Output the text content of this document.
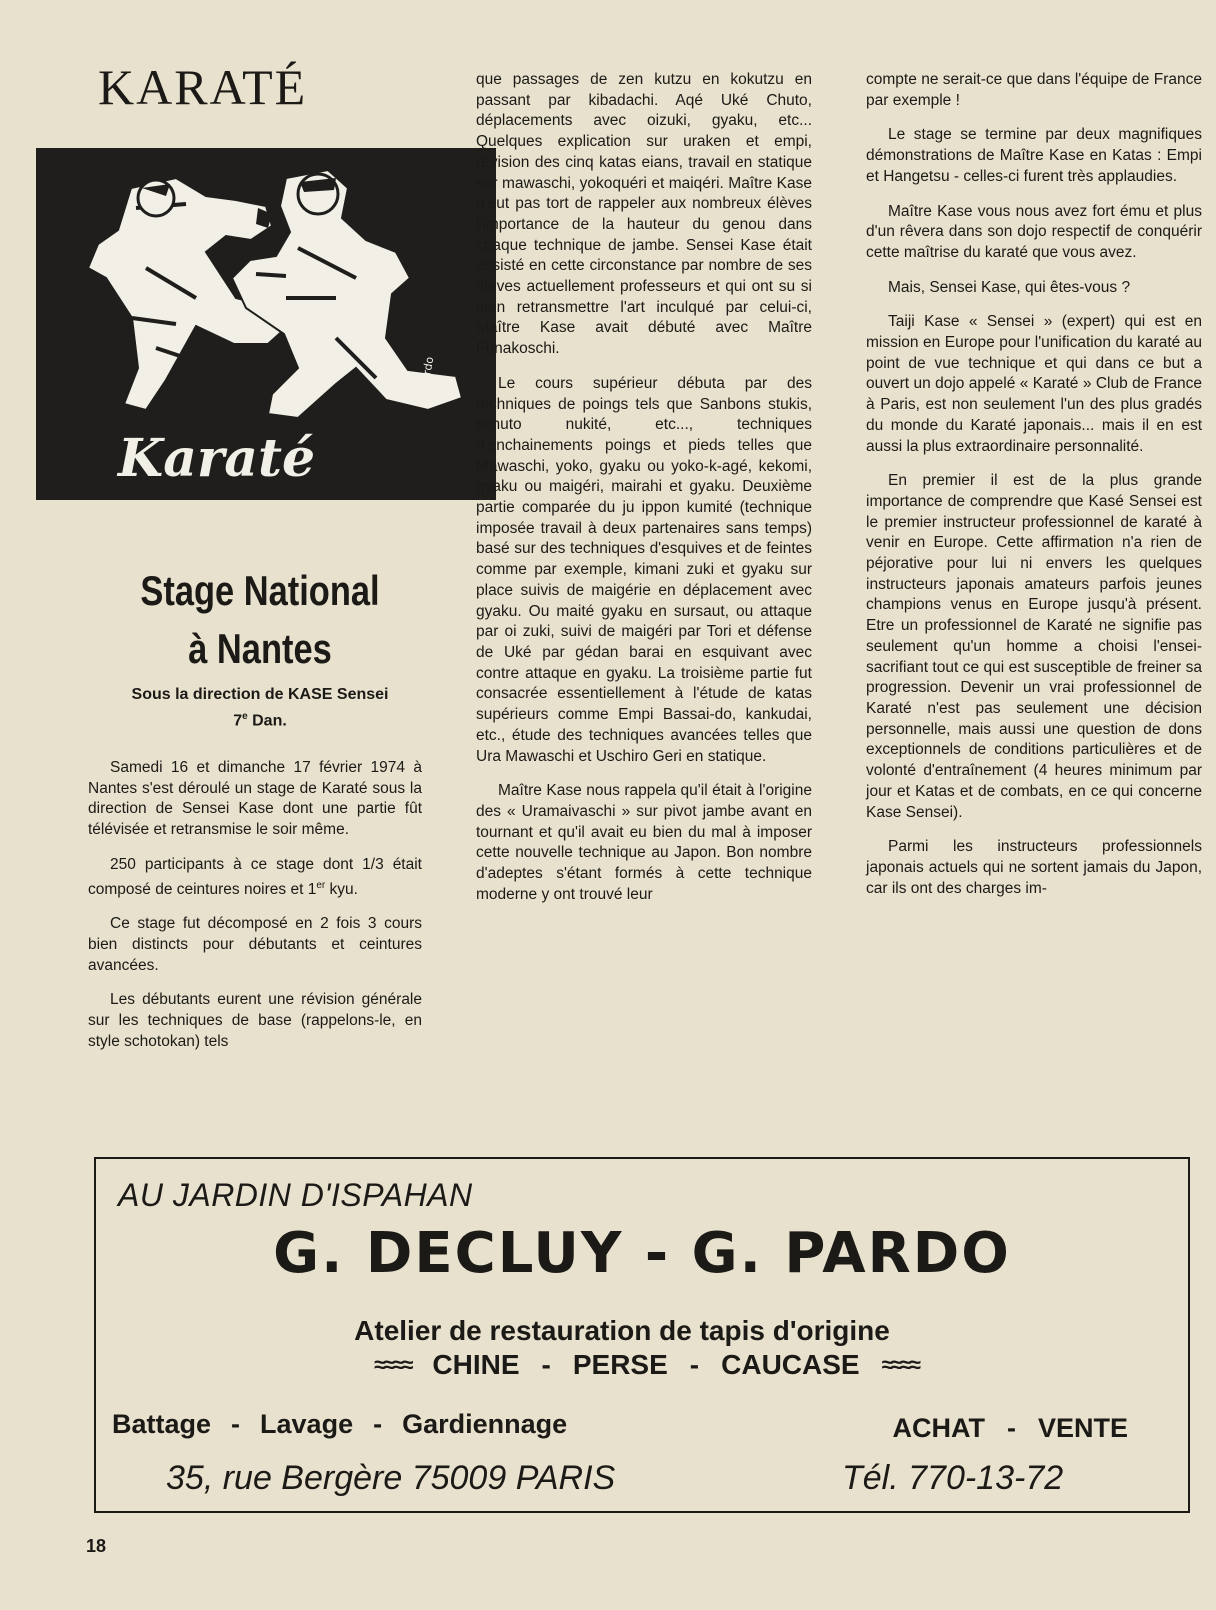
KARATÉ
Karaté
Pardo
Stage National
à Nantes
Sous la direction de KASE Sensei
7e Dan.

Samedi 16 et dimanche 17 février 1974 à Nantes s'est déroulé un stage de Karaté sous la direction de Sensei Kase dont une partie fût télévisée et retransmise le soir même.

250 participants à ce stage dont 1/3 était composé de ceintures noires et 1er kyu.

Ce stage fut décomposé en 2 fois 3 cours bien distincts pour débutants et ceintures avancées.

Les débutants eurent une révision générale sur les techniques de base (rappelons-le, en style schotokan) tels

que passages de zen kutzu en kokutzu en passant par kibadachi. Aqé Uké Chuto, déplacements avec oizuki, gyaku, etc... Quelques explication sur uraken et empi, révision des cinq katas eians, travail en statique sur mawaschi, yokoquéri et maiqéri. Maître Kase n'eut pas tort de rappeler aux nombreux élèves l'importance de la hauteur du genou dans chaque technique de jambe. Sensei Kase était assisté en cette circonstance par nombre de ses élèves actuellement professeurs et qui ont su si bien retransmettre l'art inculqué par celui-ci, Maître Kase avait débuté avec Maître Funakoschi.

Le cours supérieur débuta par des techniques de poings tels que Sanbons stukis, schuto nukité, etc..., techniques d'enchainements poings et pieds telles que Mawaschi, yoko, gyaku ou yoko-k-agé, kekomi, gyaku ou maigéri, mairahi et gyaku. Deuxième partie comparée du ju ippon kumité (technique imposée travail à deux partenaires sans temps) basé sur des techniques d'esquives et de feintes comme par exemple, kimani zuki et gyaku sur place suivis de maigérie en déplacement avec gyaku. Ou maité gyaku en sursaut, ou attaque par oi zuki, suivi de maigéri par Tori et défense de Uké par gédan barai en esquivant avec contre attaque en gyaku. La troisième partie fut consacrée essentiellement à l'étude de katas supérieurs comme Empi Bassai-do, kankudai, etc., étude des techniques avancées telles que Ura Mawaschi et Uschiro Geri en statique.

Maître Kase nous rappela qu'il était à l'origine des « Uramaivaschi » sur pivot jambe avant en tournant et qu'il avait eu bien du mal à imposer cette nouvelle technique au Japon. Bon nombre d'adeptes s'étant formés à cette technique moderne y ont trouvé leur

compte ne serait-ce que dans l'équipe de France par exemple !

Le stage se termine par deux magnifiques démonstrations de Maître Kase en Katas : Empi et Hangetsu - celles-ci furent très applaudies.

Maître Kase vous nous avez fort ému et plus d'un rêvera dans son dojo respectif de conquérir cette maîtrise du karaté que vous avez.

Mais, Sensei Kase, qui êtes-vous ?

Taiji Kase « Sensei » (expert) qui est en mission en Europe pour l'unification du karaté au point de vue technique et qui dans ce but a ouvert un dojo appelé « Karaté » Club de France à Paris, est non seulement l'un des plus gradés du monde du Karaté japonais... mais il en est aussi la plus extraordinaire personnalité.

En premier il est de la plus grande importance de comprendre que Kasé Sensei est le premier instructeur professionnel de karaté à venir en Europe. Cette affirmation n'a rien de péjorative pour lui ni envers les quelques instructeurs japonais amateurs parfois jeunes champions venus en Europe jusqu'à présent. Etre un professionnel de Karaté ne signifie pas seulement qu'un homme a choisi l'ensei-sacrifiant tout ce qui est susceptible de freiner sa progression. Devenir un vrai professionnel de Karaté n'est pas seulement une décision personnelle, mais aussi une question de dons exceptionnels de conditions particulières et de volonté d'entraînement (4 heures minimum par jour et Katas et de combats, en ce qui concerne Kase Sensei).

Parmi les instructeurs professionnels japonais actuels qui ne sortent jamais du Japon, car ils ont des charges im-

AU JARDIN D'ISPAHAN
G. DECLUY - G. PARDO
Atelier de restauration de tapis d'origine
≈≈≈≈ CHINE - PERSE - CAUCASE ≈≈≈≈
Battage - Lavage - Gardiennage	ACHAT - VENTE
35, rue Bergère 75009 PARIS	Tél. 770-13-72
18
